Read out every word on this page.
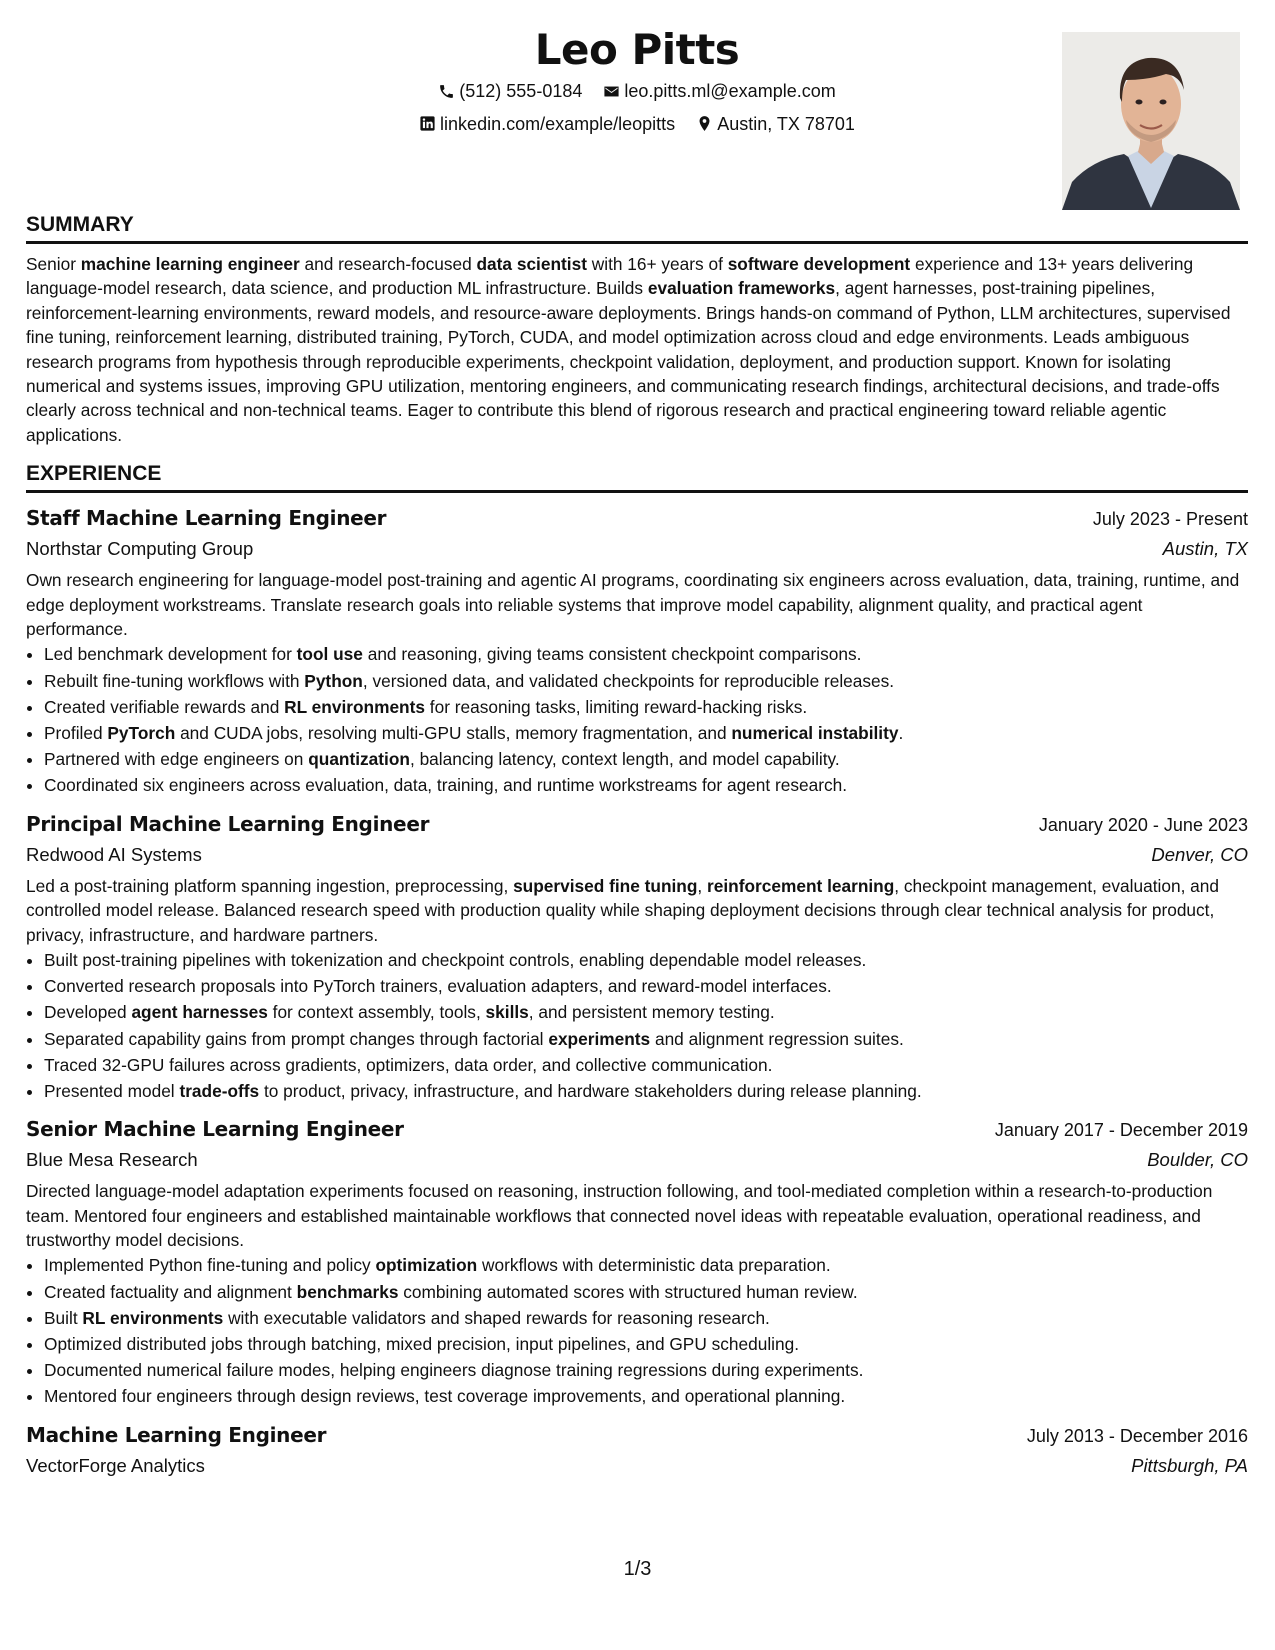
Leo Pitts
(512) 555-0184
leo.pitts.ml@example.com
linkedin.com/example/leopitts
Austin, TX 78701
SUMMARY

Senior machine learning engineer and research-focused data scientist with 16+ years of software development experience and 13+ years delivering language-model research, data science, and production ML infrastructure. Builds evaluation frameworks, agent harnesses, post-training pipelines, reinforcement-learning environments, reward models, and resource-aware deployments. Brings hands-on command of Python, LLM architectures, supervised fine tuning, reinforcement learning, distributed training, PyTorch, CUDA, and model optimization across cloud and edge environments. Leads ambiguous research programs from hypothesis through reproducible experiments, checkpoint validation, deployment, and production support. Known for isolating numerical and systems issues, improving GPU utilization, mentoring engineers, and communicating research findings, architectural decisions, and trade-offs clearly across technical and non-technical teams. Eager to contribute this blend of rigorous research and practical engineering toward reliable agentic applications.

EXPERIENCE
Staff Machine Learning Engineer	July 2023 - Present
Northstar Computing Group	Austin, TX

Own research engineering for language-model post-training and agentic AI programs, coordinating six engineers across evaluation, data, training, runtime, and edge deployment workstreams. Translate research goals into reliable systems that improve model capability, alignment quality, and practical agent performance.

• Led benchmark development for tool use and reasoning, giving teams consistent checkpoint comparisons.
• Rebuilt fine-tuning workflows with Python, versioned data, and validated checkpoints for reproducible releases.
• Created verifiable rewards and RL environments for reasoning tasks, limiting reward-hacking risks.
• Profiled PyTorch and CUDA jobs, resolving multi-GPU stalls, memory fragmentation, and numerical instability.
• Partnered with edge engineers on quantization, balancing latency, context length, and model capability.
• Coordinated six engineers across evaluation, data, training, and runtime workstreams for agent research.
Principal Machine Learning Engineer	January 2020 - June 2023
Redwood AI Systems	Denver, CO

Led a post-training platform spanning ingestion, preprocessing, supervised fine tuning, reinforcement learning, checkpoint management, evaluation, and controlled model release. Balanced research speed with production quality while shaping deployment decisions through clear technical analysis for product, privacy, infrastructure, and hardware partners.

• Built post-training pipelines with tokenization and checkpoint controls, enabling dependable model releases.
• Converted research proposals into PyTorch trainers, evaluation adapters, and reward-model interfaces.
• Developed agent harnesses for context assembly, tools, skills, and persistent memory testing.
• Separated capability gains from prompt changes through factorial experiments and alignment regression suites.
• Traced 32-GPU failures across gradients, optimizers, data order, and collective communication.
• Presented model trade-offs to product, privacy, infrastructure, and hardware stakeholders during release planning.
Senior Machine Learning Engineer	January 2017 - December 2019
Blue Mesa Research	Boulder, CO

Directed language-model adaptation experiments focused on reasoning, instruction following, and tool-mediated completion within a research-to-production team. Mentored four engineers and established maintainable workflows that connected novel ideas with repeatable evaluation, operational readiness, and trustworthy model decisions.

• Implemented Python fine-tuning and policy optimization workflows with deterministic data preparation.
• Created factuality and alignment benchmarks combining automated scores with structured human review.
• Built RL environments with executable validators and shaped rewards for reasoning research.
• Optimized distributed jobs through batching, mixed precision, input pipelines, and GPU scheduling.
• Documented numerical failure modes, helping engineers diagnose training regressions during experiments.
• Mentored four engineers through design reviews, test coverage improvements, and operational planning.
Machine Learning Engineer	July 2013 - December 2016
VectorForge Analytics	Pittsburgh, PA
1/3
